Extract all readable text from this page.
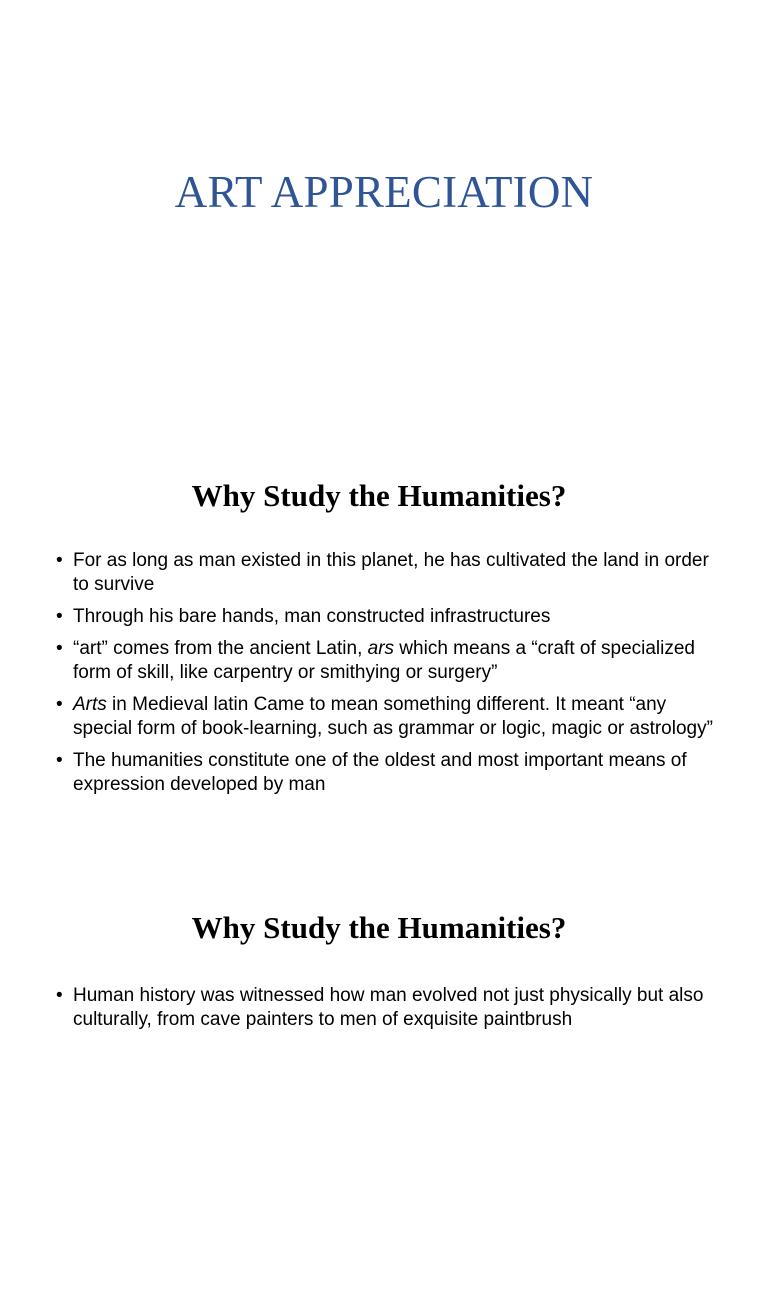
ART APPRECIATION
Why Study the Humanities?
• For as long as man existed in this planet, he has cultivated the land in order to survive
• Through his bare hands, man constructed infrastructures
• “art” comes from the ancient Latin, ars which means a “craft of specialized form of skill, like carpentry or smithying or surgery”
• Arts in Medieval latin Came to mean something different. It meant “any special form of book-learning, such as grammar or logic, magic or astrology”
• The humanities constitute one of the oldest and most important means of expression developed by man
Why Study the Humanities?
• Human history was witnessed how man evolved not just physically but also culturally, from cave painters to men of exquisite paintbrush
